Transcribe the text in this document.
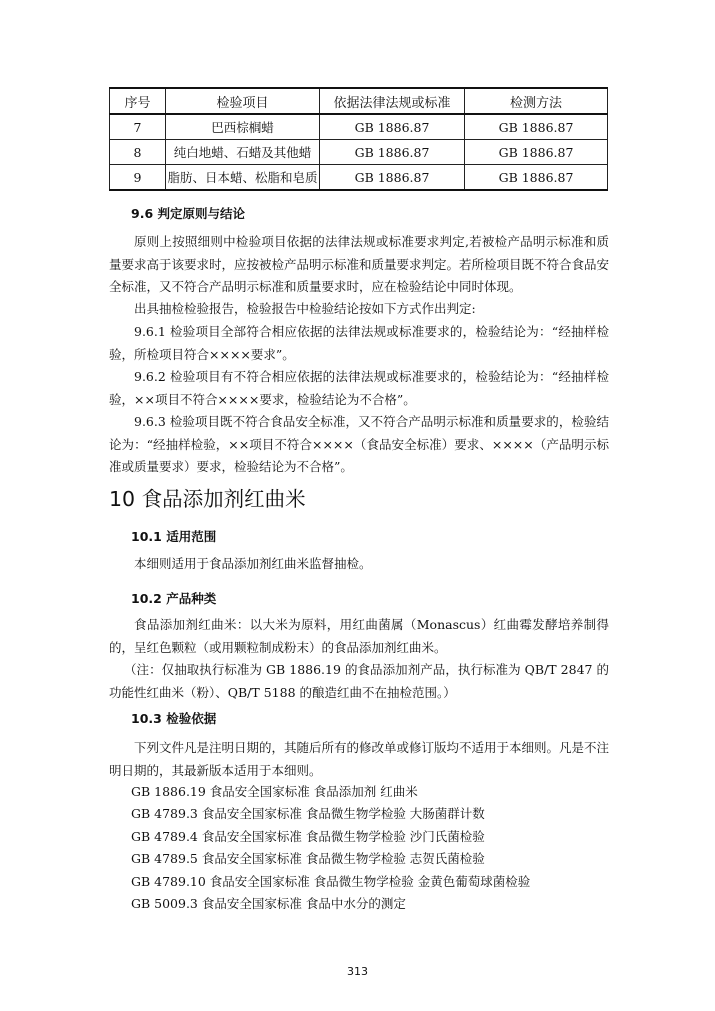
序号	检验项目	依据法律法规或标准	检测方法
7	巴西棕榈蜡	GB 1886.87	GB 1886.87
8	纯白地蜡、石蜡及其他蜡	GB 1886.87	GB 1886.87
9	脂肪、日本蜡、松脂和皂质	GB 1886.87	GB 1886.87
9.6 判定原则与结论
原则上按照细则中检验项目依据的法律法规或标准要求判定,若被检产品明示标准和质量要求高于该要求时，应按被检产品明示标准和质量要求判定。若所检项目既不符合食品安全标准，又不符合产品明示标准和质量要求时，应在检验结论中同时体现。
出具抽检检验报告，检验报告中检验结论按如下方式作出判定:
9.6.1 检验项目全部符合相应依据的法律法规或标准要求的，检验结论为：“经抽样检验，所检项目符合××××要求”。
9.6.2 检验项目有不符合相应依据的法律法规或标准要求的，检验结论为：“经抽样检验，××项目不符合××××要求，检验结论为不合格”。
9.6.3 检验项目既不符合食品安全标准，又不符合产品明示标准和质量要求的，检验结论为：“经抽样检验，××项目不符合××××（食品安全标准）要求、××××（产品明示标准或质量要求）要求，检验结论为不合格”。
10 食品添加剂红曲米
10.1 适用范围
本细则适用于食品添加剂红曲米监督抽检。
10.2 产品种类
食品添加剂红曲米：以大米为原料，用红曲菌属（Monascus）红曲霉发酵培养制得的，呈红色颗粒（或用颗粒制成粉末）的食品添加剂红曲米。
（注：仅抽取执行标准为 GB 1886.19 的食品添加剂产品，执行标准为 QB/T 2847 的功能性红曲米（粉）、QB/T 5188 的酿造红曲不在抽检范围。）
10.3 检验依据
下列文件凡是注明日期的，其随后所有的修改单或修订版均不适用于本细则。凡是不注明日期的，其最新版本适用于本细则。
GB 1886.19 食品安全国家标准 食品添加剂 红曲米
GB 4789.3 食品安全国家标准 食品微生物学检验 大肠菌群计数
GB 4789.4 食品安全国家标准 食品微生物学检验 沙门氏菌检验
GB 4789.5 食品安全国家标准 食品微生物学检验 志贺氏菌检验
GB 4789.10 食品安全国家标准 食品微生物学检验 金黄色葡萄球菌检验
GB 5009.3 食品安全国家标准 食品中水分的测定
313
